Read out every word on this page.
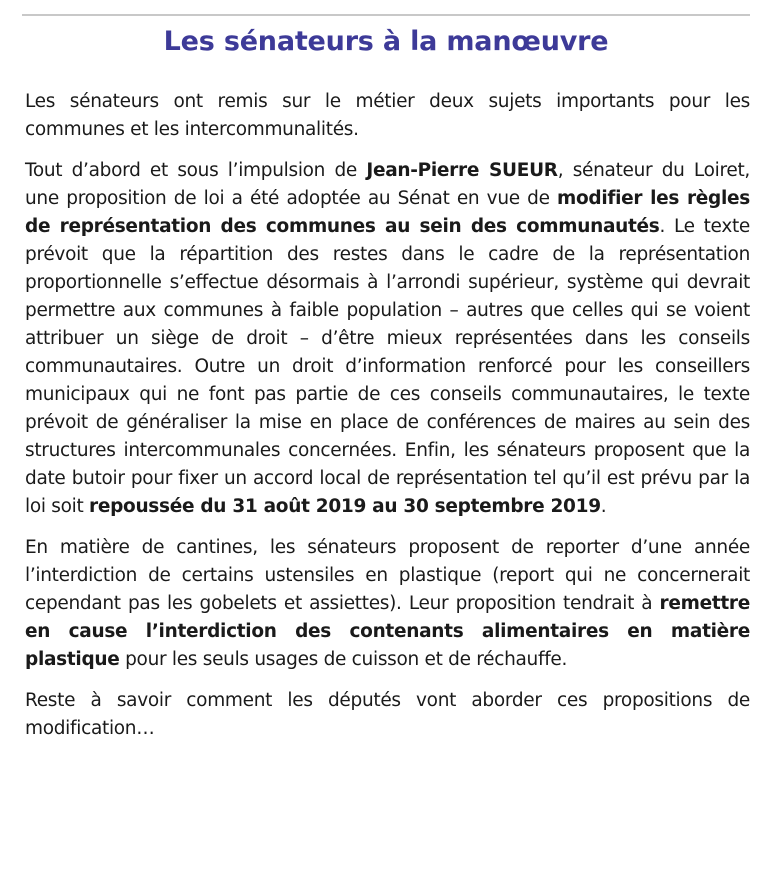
Les sénateurs à la manœuvre

Les sénateurs ont remis sur le métier deux sujets importants pour les communes et les intercommunalités.

Tout d’abord et sous l’impulsion de Jean-Pierre SUEUR, sénateur du Loiret, une proposition de loi a été adoptée au Sénat en vue de modifier les règles de représentation des communes au sein des communautés. Le texte prévoit que la répartition des restes dans le cadre de la représentation proportionnelle s’effectue désormais à l’arrondi supérieur, système qui devrait permettre aux communes à faible population – autres que celles qui se voient attribuer un siège de droit – d’être mieux représentées dans les conseils communautaires. Outre un droit d’information renforcé pour les conseillers municipaux qui ne font pas partie de ces conseils communautaires, le texte prévoit de généraliser la mise en place de conférences de maires au sein des structures intercommunales concernées. Enfin, les sénateurs proposent que la date butoir pour fixer un accord local de représentation tel qu’il est prévu par la loi soit repoussée du 31 août 2019 au 30 septembre 2019.

En matière de cantines, les sénateurs proposent de reporter d’une année l’interdiction de certains ustensiles en plastique (report qui ne concernerait cependant pas les gobelets et assiettes). Leur proposition tendrait à remettre en cause l’interdiction des contenants alimentaires en matière plastique pour les seuls usages de cuisson et de réchauffe.

Reste à savoir comment les députés vont aborder ces propositions de modification…
